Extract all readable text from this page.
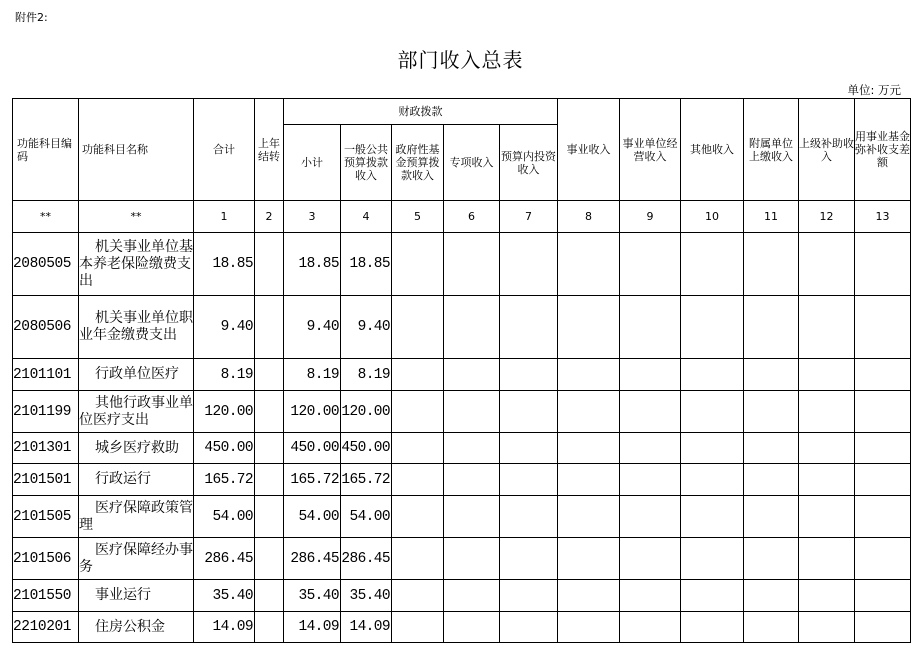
附件2:
部门收入总表
单位: 万元
功能科目编码	功能科目名称	合计	上年结转	财政拨款					事业收入	事业单位经营收入	其他收入	附属单位上缴收入	上级补助收入	用事业基金弥补收支差额
				小计	一般公共预算拨款收入	政府性基金预算拨款收入	专项收入	预算内投资收入						
**	**	1	2	3	4	5	6	7	8	9	10	11	12	13
2080505	机关事业单位基本养老保险缴费支出	18.85		18.85	18.85									
2080506	机关事业单位职业年金缴费支出	9.40		9.40	9.40									
2101101	行政单位医疗	8.19		8.19	8.19									
2101199	其他行政事业单位医疗支出	120.00		120.00	120.00									
2101301	城乡医疗救助	450.00		450.00	450.00									
2101501	行政运行	165.72		165.72	165.72									
2101505	医疗保障政策管理	54.00		54.00	54.00									
2101506	医疗保障经办事务	286.45		286.45	286.45									
2101550	事业运行	35.40		35.40	35.40									
2210201	住房公积金	14.09		14.09	14.09									
